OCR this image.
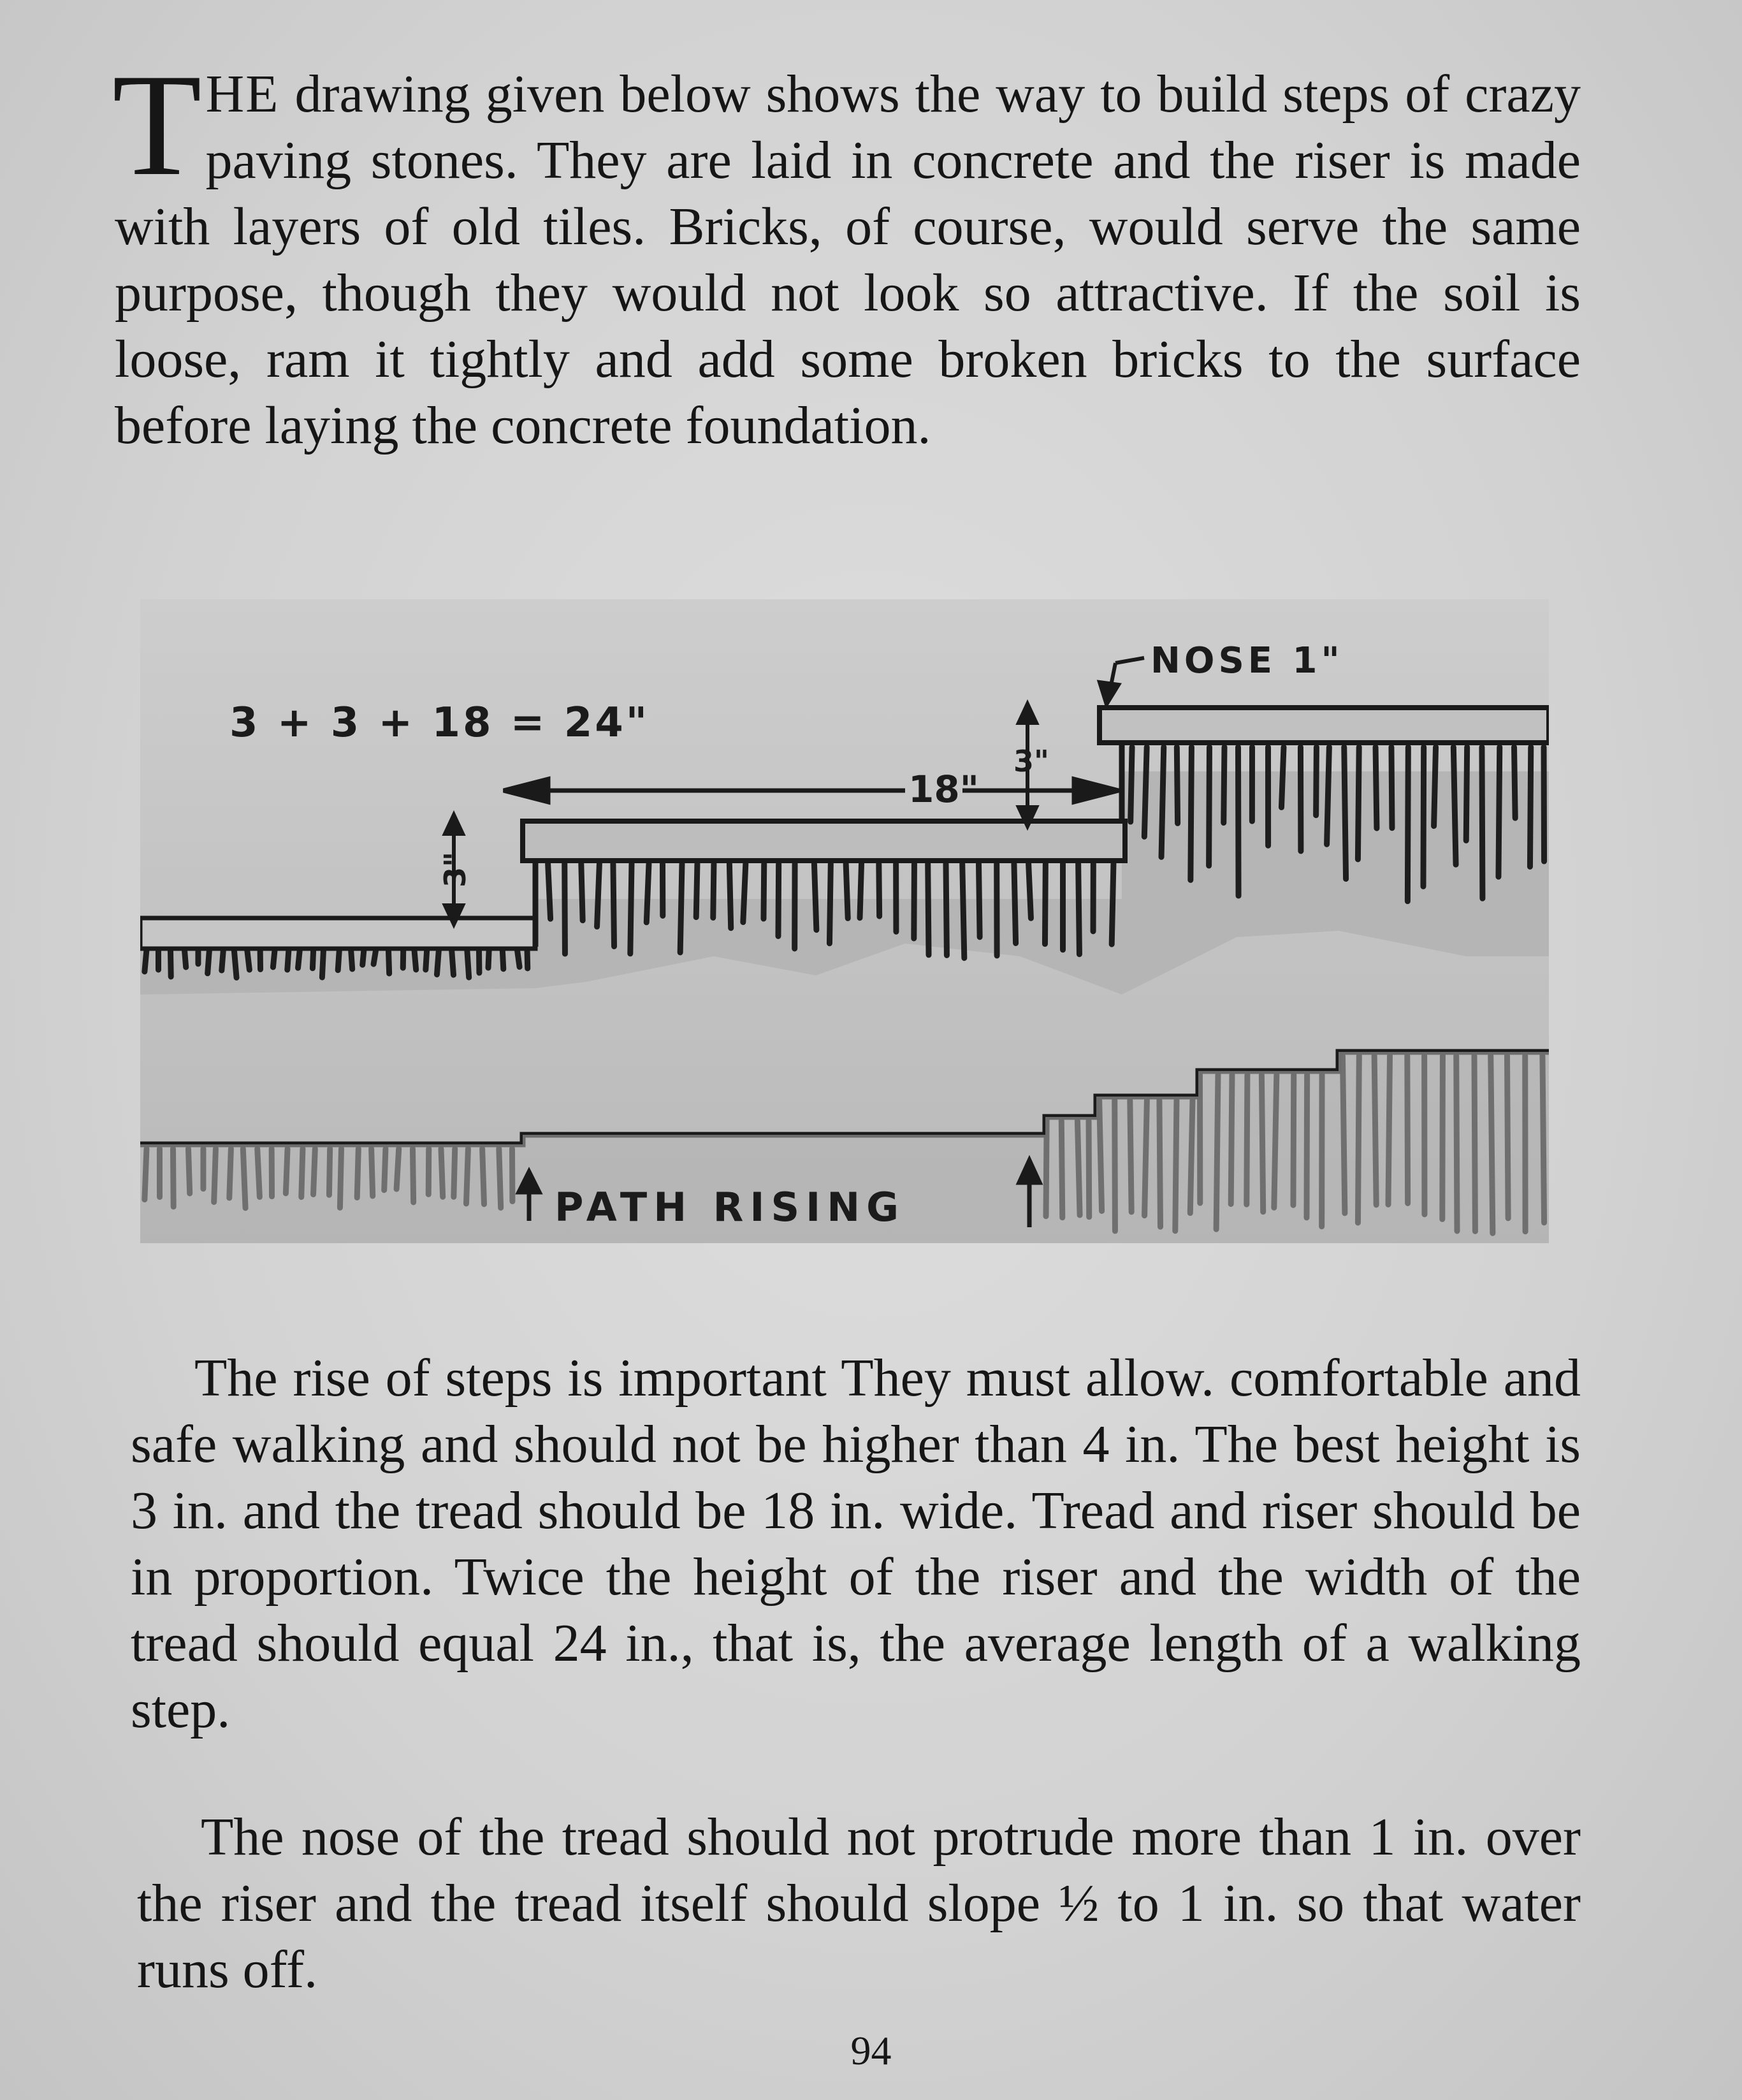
THE drawing given below shows the way to build steps of crazy paving stones. They are laid in concrete and the riser is made with layers of old tiles. Bricks, of course, would serve the same purpose, though they would not look so attractive. If the soil is loose, ram it tightly and add some broken bricks to the surface before laying the concrete foundation.

18"
3"
3"
NOSE 1"
3 + 3 + 18 = 24"
PATH RISING

The rise of steps is important They must allow. comfortable and safe walking and should not be higher than 4 in. The best height is 3 in. and the tread should be 18 in. wide. Tread and riser should be in proportion. Twice the height of the riser and the width of the tread should equal 24 in., that is, the average length of a walking step.

The nose of the tread should not protrude more than 1 in. over the riser and the tread itself should slope ½ to 1 in. so that water runs off.

94
